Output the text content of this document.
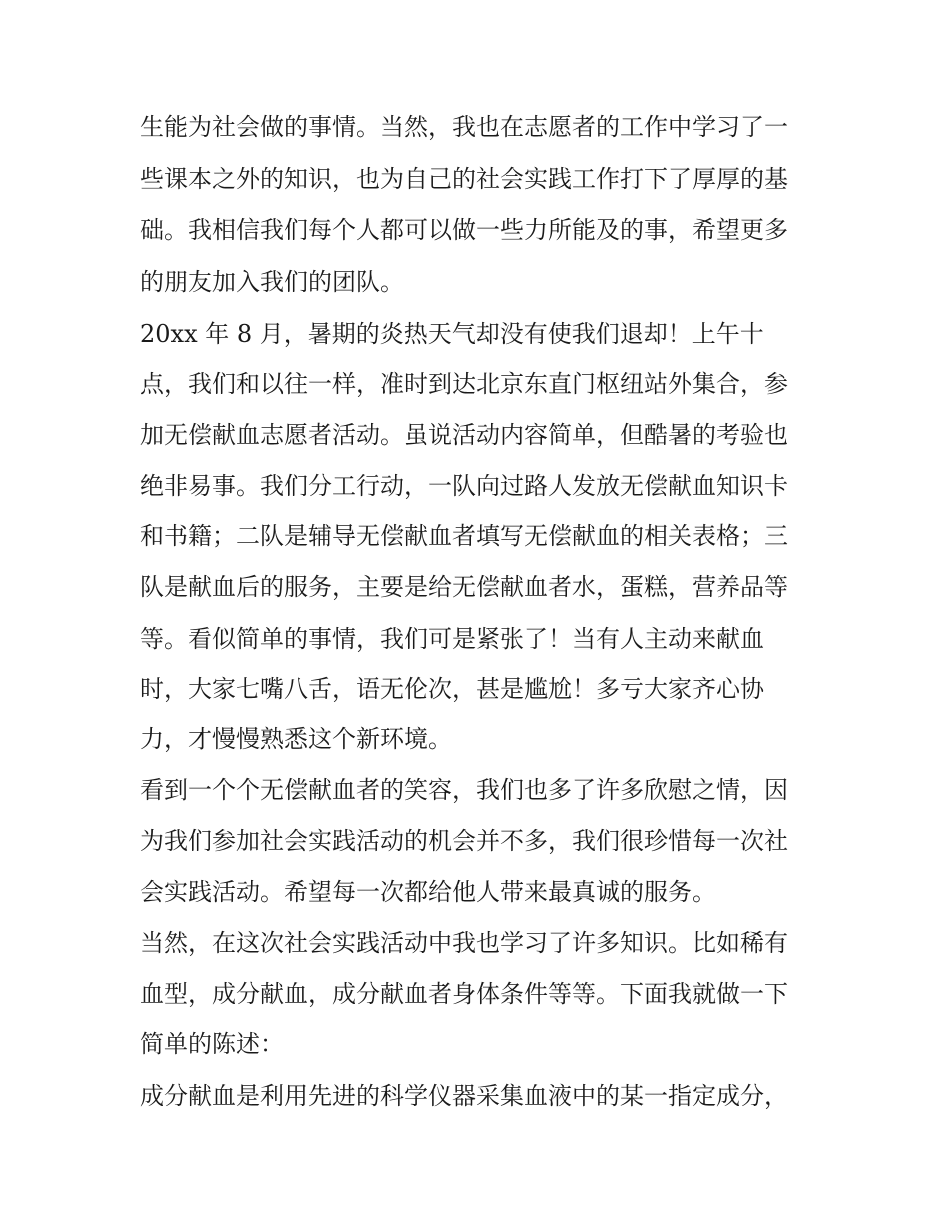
生能为社会做的事情。当然，我也在志愿者的工作中学习了一
些课本之外的知识，也为自己的社会实践工作打下了厚厚的基
础。我相信我们每个人都可以做一些力所能及的事，希望更多
的朋友加入我们的团队。
20xx 年 8 月，暑期的炎热天气却没有使我们退却！上午十
点，我们和以往一样，准时到达北京东直门枢纽站外集合，参
加无偿献血志愿者活动。虽说活动内容简单，但酷暑的考验也
绝非易事。我们分工行动，一队向过路人发放无偿献血知识卡
和书籍；二队是辅导无偿献血者填写无偿献血的相关表格；三
队是献血后的服务，主要是给无偿献血者水，蛋糕，营养品等
等。看似简单的事情，我们可是紧张了！当有人主动来献血
时，大家七嘴八舌，语无伦次，甚是尴尬！多亏大家齐心协
力，才慢慢熟悉这个新环境。
看到一个个无偿献血者的笑容，我们也多了许多欣慰之情，因
为我们参加社会实践活动的机会并不多，我们很珍惜每一次社
会实践活动。希望每一次都给他人带来最真诚的服务。
当然，在这次社会实践活动中我也学习了许多知识。比如稀有
血型，成分献血，成分献血者身体条件等等。下面我就做一下
简单的陈述：
成分献血是利用先进的科学仪器采集血液中的某一指定成分，
